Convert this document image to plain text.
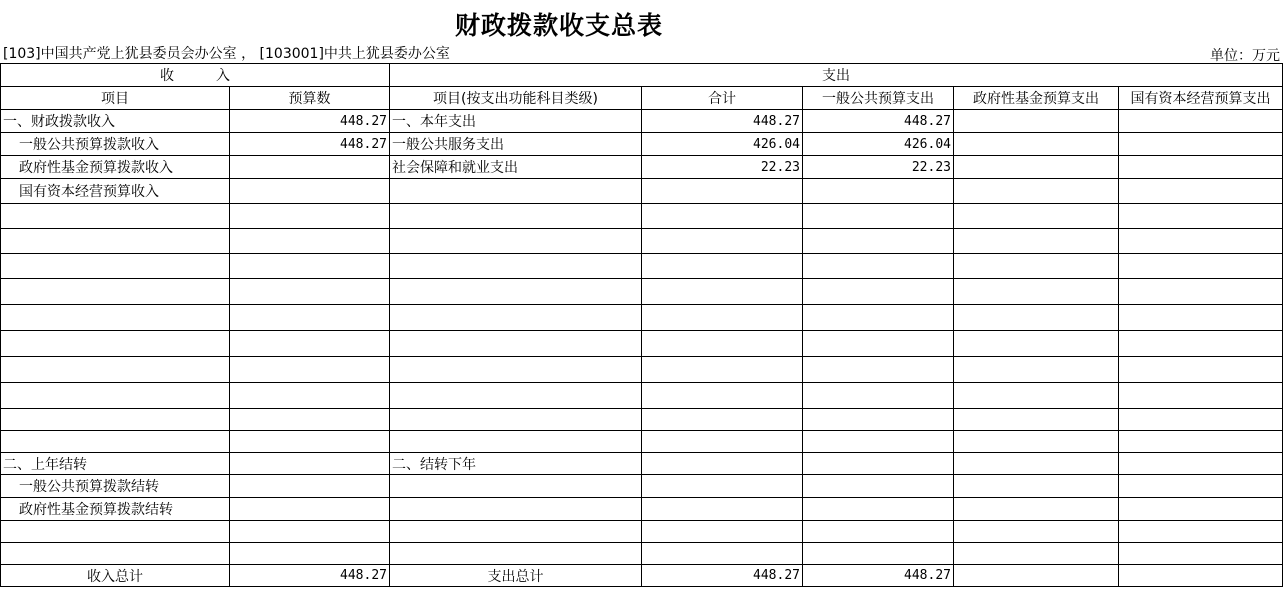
财政拨款收支总表
[103]中国共产党上犹县委员会办公室 ， [103001]中共上犹县委办公室	单位：万元
收　　　入		支出				
项目	预算数	项目(按支出功能科目类级)	合计	一般公共预算支出	政府性基金预算支出	国有资本经营预算支出
一、财政拨款收入	448.27	一、本年支出	448.27	448.27		
一般公共预算拨款收入	448.27	一般公共服务支出	426.04	426.04		
政府性基金预算拨款收入		社会保障和就业支出	22.23	22.23		
国有资本经营预算收入						

二、上年结转		二、结转下年				
一般公共预算拨款结转						
政府性基金预算拨款结转						

收入总计	448.27	支出总计	448.27	448.27		
